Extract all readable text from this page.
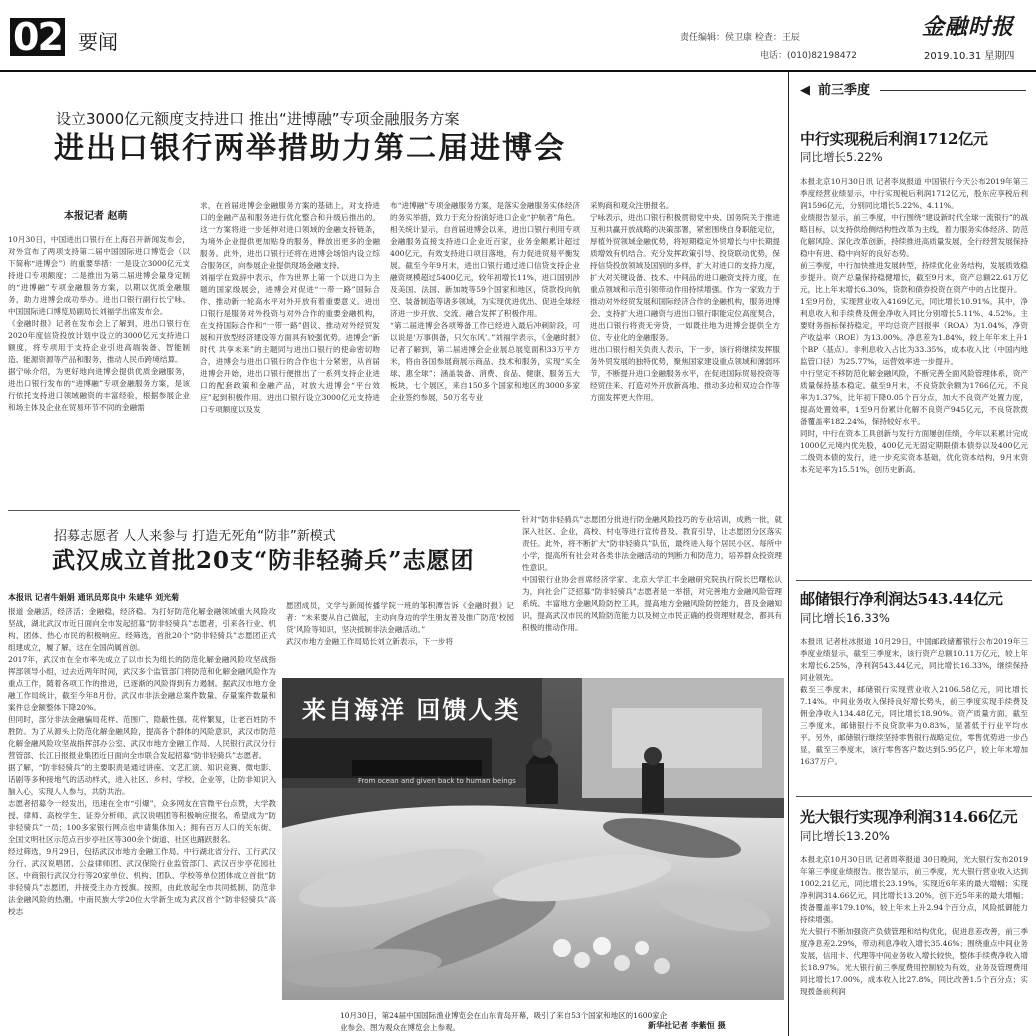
02 要闻	责任编辑：侯卫康 检查：王辰
电话：(010)82198472	2019.10.31 星期四
金融时报
设立3000亿元额度支持进口 推出“进博融”专项金融服务方案
进出口银行两举措助力第二届进博会
本报记者 赵萌
10月30日，中国进出口银行在上海召开新闻发布会，对外宣布了两项支持第二届中国国际进口博览会（以下简称“进博会”）的重要举措：一是设立3000亿元支持进口专项额度；二是推出为第二届进博会量身定制的“进博融”专项金融服务方案，以期以优质金融服务，助力进博会成功举办。进出口银行副行长宁咏、中国国际进口博览局副局长刘福学出席发布会。
《金融时报》记者在发布会上了解到，进出口银行在2020年度信贷投放计划中设立的3000亿元支持进口额度，将专项用于支持企业引进高端装备、智能制造、能源资源等产品和服务，推动人民币跨境结算。
据宁咏介绍，为更好地向进博会提供优质金融服务，进出口银行发布的“进博融”专项金融服务方案，是该行依托支持进口领域融资的丰富经验，根据参展企业和场主体及企业在贸易环节不同的金融需
求，在首届进博会金融服务方案的基础上，对支持进口的金融产品和服务进行优化整合和升级后推出的。这一方案将进一步延伸对进口领域的金融支持链条，为境外企业提供更加贴身的服务，释放出更多的金融服务。此外，进出口银行还将在进博会场馆内设立综合服务区，向参展企业提供现场金融支持。
刘福学在致辞中表示，作为世界上第一个以进口为主题的国家级展会，进博会对促进“一带一路”国际合作、推动新一轮高水平对外开放有着重要意义。进出口银行是服务对外投资与对外合作的重要金融机构，在支持国际合作和“一带一路”倡议、推动对外经贸发展和开放型经济建设等方面具有较强优势。进博会“新时代 共享未来”的主题同与进出口银行的使命密切吻合，进博会与进出口银行的合作也十分紧密，从首届进博会开始，进出口银行便推出了一系列支持企业进口的配套政策和金融产品，对放大进博会“平台效应”起到积极作用。进出口银行设立3000亿元支持进口专项额度以及发
布“进博融”专项金融服务方案，是落实金融服务实体经济的务实举措，致力于充分扮演好进口企业“护航者”角色。
相关统计显示，自首届进博会以来，进出口银行利用专项金融服务直接支持进口企业近百家，业务金额累计超过400亿元，有效支持进口项目落地，有力促进贸易平衡发展。截至今年9月末，进出口银行通过进口信贷支持企业融资规模超过5400亿元，较年初增长11%，进口国别涉及美国、法国、新加坡等59个国家和地区，贷款投向航空、装备制造等诸多领域，为实现优进优出、促进全球经济进一步开放、交流、融合发挥了积极作用。
“第二届进博会各项筹备工作已经进入最后冲刺阶段，可以说是‘万事俱备，只欠东风’。”刘福学表示，《金融时报》记者了解到，第二届进博会企业展总展览面积33万平方米，将由各国参展商展示商品、技术和服务，实现“买全球、惠全球”；涵盖装备、消费、食品、健康、服务五大板块，七个展区，来自150多个国家和地区的3000多家企业签约参展，50万名专业
采购商和观众注册报名。
宁咏表示，进出口银行积极贯彻党中央、国务院关于推进互利共赢开放战略的决策部署，紧密围绕自身职能定位，厚植外贸领域金融优势，将短期稳定外贸增长与中长期提质增效有机结合。充分发挥政策引导、投贷联动优势，保持信贷投放领域及国别的多样，扩大对进口的支持力度，扩大对关键设备、技术、中间品的进口融资支持力度，在重点领域和示范引领带动作用持续增强。作为一家致力于推动对外经贸发展和国际经济合作的金融机构，服务进博会、支持扩大进口融资与进出口银行职能定位高度契合，进出口银行将责无旁贷，一如既往地为进博会提供全方位、专业化的金融服务。
进出口银行相关负责人表示，下一步，该行将继续发挥服务外贸发展的独特优势，聚焦国家建设重点领域和薄弱环节，不断提升进口金融服务水平，在促进国际贸易投资等经贸往来、打造对外开放新高地、推动多边和双边合作等方面发挥更大作用。
招募志愿者 人人来参与 打造无死角“防非”新模式
武汉成立首批20支“防非轻骑兵”志愿团
本报讯 记者牛娟娟 通讯员郑良中 朱建华 刘光菊
报道 金融活，经济活；金融稳，经济稳。为打好防范化解金融领域重大风险攻坚战，湖北武汉市近日面向全市发起招募“防非轻骑兵”志愿者，引来各行业、机构、团体、热心市民的积极响应。经筛选，首批20个“防非轻骑兵”志愿团正式组建成立，履了解，这在全国尚属首创。
2017年，武汉市在全市率先成立了以市长为组长的防范化解金融风险攻坚战指挥部领导小组，过去近两年时间，武汉多个监管部门将防范和化解金融风险作为重点工作，随着各项工作的推进，已逐渐的风险得到有力遏制。据武汉市地方金融工作局统计，截至今年8月份，武汉市非法金融总案件数量、存量案件数量和案件总金额整体下降20%。
但同时，部分非法金融骗局花样、范围广、隐蔽性强、花样繁复，让老百姓防不胜防。为了从源头上防范化解金融风险，提高各个群体的风险意识，武汉市防范化解金融风险攻坚战指挥部办公室、武汉市地方金融工作局、人民银行武汉分行营管部、长江日报报业集团近日面向全市联合发起招募“防非轻骑兵”志愿者。
据了解，“防非轻骑兵”的主要职责是通过讲座、文艺汇演、知识竞赛、微电影、话剧等多种接地气的活动样式，进入社区、乡村、学校、企业等，让防非知识入脑入心，实现人人参与，共防共治。
志愿者招募令一经发出，迅速在全市“引爆”，众多网友在官微平台点赞，大学教授、律师、高校学生、证券分析师、武汉说唱团等积极响应报名，希望成为“防非轻骑兵”一员；100多家银行网点也申请集体加入；拥有百万人口的关东街、全国文明社区示范点百步亭社区等300余个街道、社区也踊跃报名。
经过筛选，9月29日，包括武汉市地方金融工作局、中行湖北省分行、工行武汉分行、武汉说唱团、公益律师团、武汉保险行业监管部门、武汉百步亭花园社区、中商银行武汉分行等20家单位、机构、团队、学校等单位团体成立首批“防非轻骑兵”志愿团，并接受主办方授旗。按照，由此放起全市共同抵制、防范非法金融风险的热潮。中南民族大学20位大学新生成为武汉首个“防非轻骑兵”高校志
愿团成员，文学与新闻传播学院一班的邹积潭告诉《金融时报》记者：“未来要从自己做起，主动向身边的学生朋友普及推广防范‘校园贷’风险等知识，坚决抵制非法金融活动。”
武汉市地方金融工作局局长刘立新表示，下一步将
针对“防非轻骑兵”志愿团分批进行防金融风险技巧的专业培训，成熟一批，就深入社区、企业，高校、村屯等进行宣传普及、教育引导，让志愿团分区落实责任。此外，将不断扩大“防非轻骑兵”队伍，最终进入每个居民小区、每所中小学，提高所有社会对各类非法金融活动的判断力和防范力，培养群众投资理性意识。
中国银行业协会首席经济学家、北京大学汇丰金融研究院执行院长巴曙松认为，向社会广泛招募“防非轻骑兵”志愿者是一举措，对完善地方金融风险管理系统、丰富地方金融风险防控工具，提高地方金融风险防控能力，普及金融知识，提高武汉市民的风险防范能力以及树立市民正确的投资理财观念，都具有积极的推动作用。
来自海洋 回馈人类
From ocean and given back to human beings
10月30日，第24届中国国际渔业博览会在山东青岛开幕，吸引了来自53个国家和地区的1600家企业参会。图为观众在博览会上参观。	新华社记者 李紫恒 摄
◀ 前三季度
中行实现税后利润1712亿元
同比增长5.22%
本报北京10月30日讯 记者李岚报道 中国银行今天公布2019年第三季度经营业绩显示，中行实现税后利润1712亿元，股东应享税后利润1596亿元，分别同比增长5.22%、4.11%。
业绩报告显示，前三季度，中行围绕“建设新时代全球一流银行”的战略目标，以支持供给侧结构性改革为主线，着力服务实体经济、防范化解风险、深化改革创新，持续推进高质量发展，全行经营发展保持稳中有进、稳中向好的良好态势。
前三季度，中行加快推进发展转型，持续优化业务结构，发展质效稳步提升。资产总量保持稳健增长，截至9月末，资产总额22.61万亿元，比上年末增长6.30%，贷款和债券投资在资产中的占比提升。
1至9月份，实现营业收入4169亿元，同比增长10.91%。其中，净利息收入和手续费及佣金净收入同比分别增长5.11%、4.52%。主要财务指标保持稳定，平均总资产回报率（ROA）为1.04%，净资产收益率（ROE）为13.00%。净息差为1.84%，较上年年末上升1个BP（基点）。非利息收入占比为33.35%，成本收入比（中国内地监管口径）为25.77%，运营效率进一步提升。
中行坚定不移防范化解金融风险，不断完善全面风险管理体系，资产质量保持基本稳定。截至9月末，不良贷款余额为1766亿元，不良率为1.37%，比年初下降0.05个百分点，加大不良资产处置力度，提高处置效率，1至9月份累计化解不良资产945亿元，不良贷款拨备覆盖率182.24%，保持较好水平。
同时，中行在资本工具创新与发行方面屡创佳绩，今年以来累计完成1000亿元境内优先股，400亿元无固定期限债本债券以及400亿元二级资本债的发行，进一步充实资本基础，优化资本结构，9月末资本充足率为15.51%，创历史新高。
邮储银行净利润达543.44亿元
同比增长16.33%
本报讯 记者杜冰报道 10月29日，中国邮政储蓄银行公布2019年三季度业绩显示，截至三季度末，该行资产总额10.11万亿元，较上年末增长6.25%，净利润543.44亿元，同比增长16.33%，继续保持同业领先。
截至三季度末，邮储银行实现营业收入2106.58亿元，同比增长7.14%。中间业务收入保持良好增长势头，前三季度实现手续费及佣金净收入134.48亿元，同比增长18.90%。资产质量方面，截至三季度末，邮储银行不良贷款率为0.83%，显著低于行业平均水平。另外，邮储银行继续坚持零售银行战略定位，零售优势进一步凸显，截至三季度末，该行零售客户数达到5.95亿户，较上年末增加1637万户。
光大银行实现净利润314.66亿元
同比增长13.20%
本报北京10月30日讯 记者周萃报道 30日晚间，光大银行发布2019年第三季度业绩报告。报告显示，前三季度，光大银行营业收入达到1002.21亿元，同比增长23.19%，实现近6年来的最大增幅；实现净利润314.66亿元，同比增长13.20%，创下近5年来的最大增幅；拨备覆盖率179.10%，较上年末上升2.94个百分点，风险抵御能力持续增强。
光大银行不断加强资产负债管理和结构优化，促进息差改善，前三季度净息差2.29%，带动利息净收入增长35.46%；围绕重点中间业务发展，信用卡、代理等中间业务收入增长较快，整体手续费净收入增长18.97%。光大银行前三季度费用控制较为有效，业务及管理费用同比增长17.00%，成本收入比27.8%，同比改善1.5个百分点；实现拨备前利润
